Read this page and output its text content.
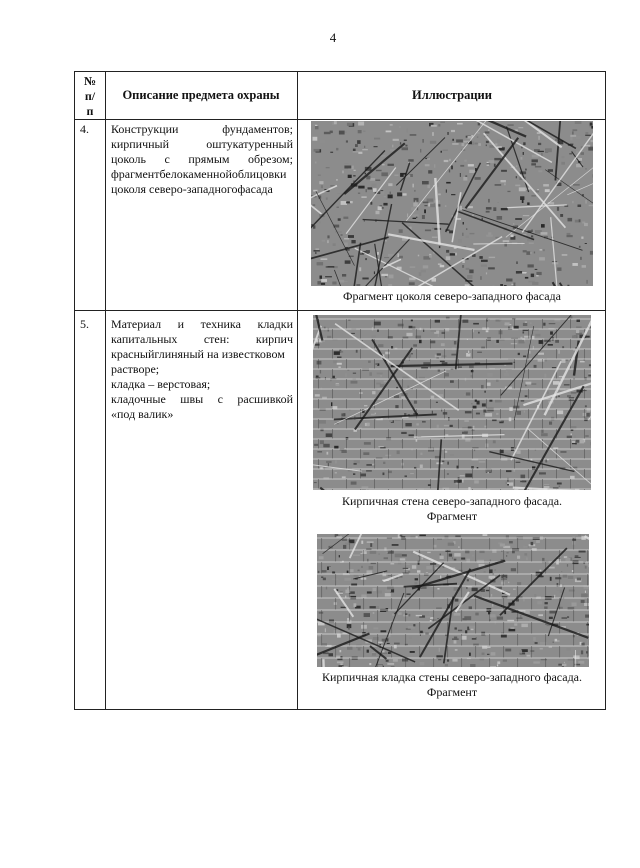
4
№
п/
п
Описание предмета охраны	Иллюстрации
4. Конструкции фундаментов;
кирпичный оштукатуренный
цоколь с прямым обрезом;
фрагментбелокаменнойоблицовки
цоколя северо-западногофасада
Фрагмент цоколя северо-западного фасада
5. Материал и техника кладки
капитальных стен: кирпич
красныйглиняный на известковом
растворе;
кладка – верстовая;
кладочные швы с расшивкой
«под валик»
Кирпичная стена северо-западного фасада.
Фрагмент
Кирпичная кладка стены северо-западного фасада.
Фрагмент
